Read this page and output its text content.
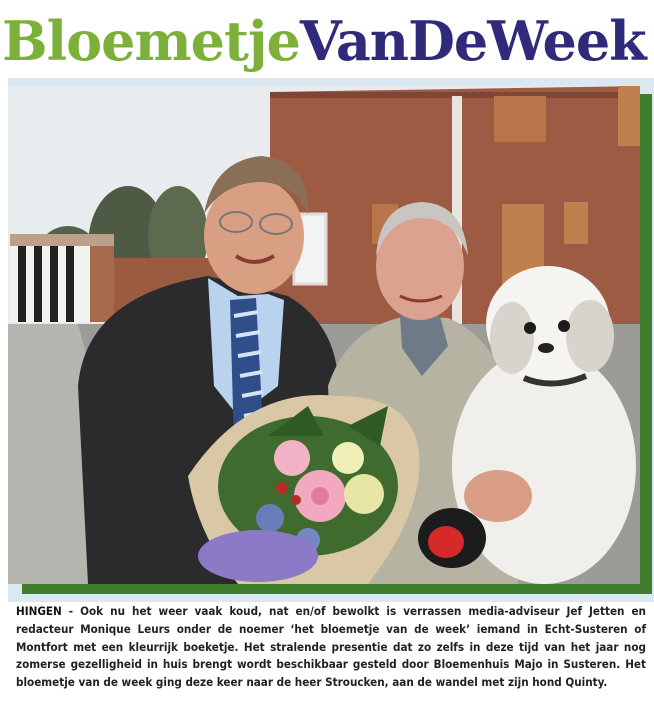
Bloemetje VanDeWeek

HINGEN - Ook nu het weer vaak koud, nat en/of bewolkt is verrassen media-adviseur Jef Jetten en redacteur Monique Leurs onder de noemer ‘het bloemetje van de week’ iemand in Echt-Susteren of Montfort met een kleurrijk boeketje. Het stralende presentie dat zo zelfs in deze tijd van het jaar nog zomerse gezelligheid in huis brengt wordt beschikbaar gesteld door Bloemenhuis Majo in Susteren. Het bloemetje van de week ging deze keer naar de heer Stroucken, aan de wandel met zijn hond Quinty.
